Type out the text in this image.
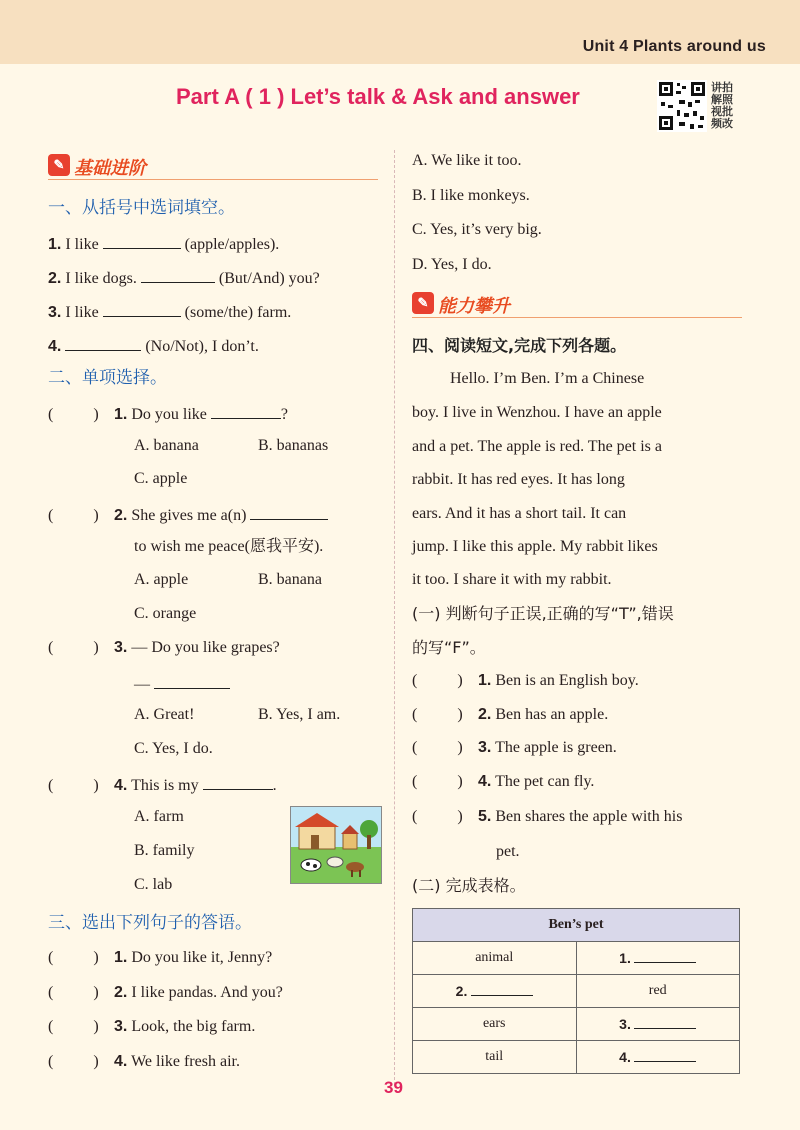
Unit 4 Plants around us
Part A ( 1 ) Let’s talk & Ask and answer	讲拍解照视批频改
✎ 基础进阶
一、从括号中选词填空。
1. I like	(apple/apples).
2. I like dogs.	(But/And) you?
3. I like	(some/the) farm.
4.	(No/Not), I don’t.
二、单项选择。
(	) 1. Do you like	?
A. banana	B. bananas
C. apple
(	) 2. She gives me a(n)
to wish me peace(愿我平安).
A. apple	B. banana
C. orange
(	) 3. — Do you like grapes?
—
A. Great!	B. Yes, I am.
C. Yes, I do.
(	) 4. This is my	.
A. farm
B. family
C. lab
三、选出下列句子的答语。
(	) 1. Do you like it, Jenny?
(	) 2. I like pandas. And you?
(	) 3. Look, the big farm.
(	) 4. We like fresh air.
A. We like it too.
B. I like monkeys.
C. Yes, it’s very big.
D. Yes, I do.
✎ 能力攀升
四、阅读短文,完成下列各题。
Hello. I’m Ben. I’m a Chinese
boy. I live in Wenzhou. I have an apple
and a pet. The apple is red. The pet is a
rabbit. It has red eyes. It has long
ears. And it has a short tail. It can
jump. I like this apple. My rabbit likes
it too. I share it with my rabbit.
(一) 判断句子正误,正确的写“T”,错误
的写“F”。
(	) 1. Ben is an English boy.
(	) 2. Ben has an apple.
(	) 3. The apple is green.
(	) 4. The pet can fly.
(	) 5. Ben shares the apple with his
pet.
(二) 完成表格。
Ben’s pet	
animal	1.
2.	red
ears	3.
tail	4.
39
